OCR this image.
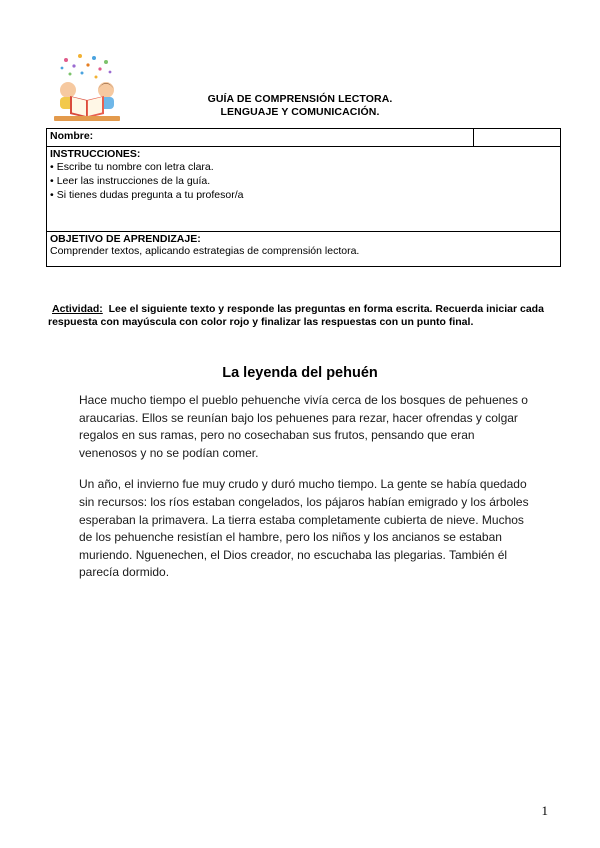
GUÍA DE COMPRENSIÓN LECTORA.
LENGUAJE Y COMUNICACIÓN.
Nombre:	

INSTRUCCIONES:
• Escribe tu nombre con letra clara.
• Leer las instrucciones de la guía.
• Si tienes dudas pregunta a tu profesor/a

OBJETIVO DE APRENDIZAJE:
Comprender textos, aplicando estrategias de comprensión lectora.
Actividad: Lee el siguiente texto y responde las preguntas en forma escrita. Recuerda iniciar cada respuesta con mayúscula con color rojo y finalizar las respuestas con un punto final.
La leyenda del pehuén

Hace mucho tiempo el pueblo pehuenche vivía cerca de los bosques de pehuenes o araucarias. Ellos se reunían bajo los pehuenes para rezar, hacer ofrendas y colgar regalos en sus ramas, pero no cosechaban sus frutos, pensando que eran venenosos y no se podían comer.

Un año, el invierno fue muy crudo y duró mucho tiempo. La gente se había quedado sin recursos: los ríos estaban congelados, los pájaros habían emigrado y los árboles esperaban la primavera. La tierra estaba completamente cubierta de nieve. Muchos de los pehuenche resistían el hambre, pero los niños y los ancianos se estaban muriendo. Nguenechen, el Dios creador, no escuchaba las plegarias. También él parecía dormido.

1
